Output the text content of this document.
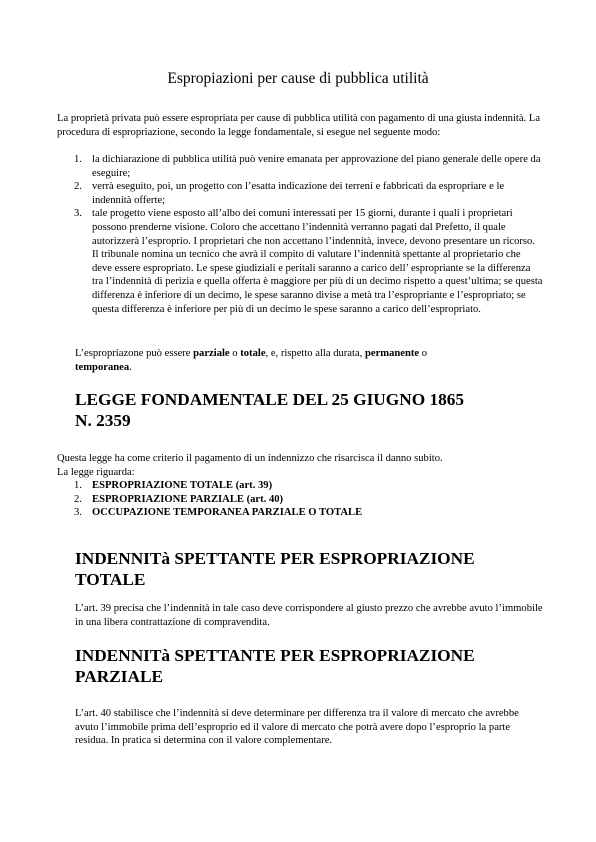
Espropiazioni per cause di pubblica utilità

La proprietà privata può essere espropriata per cause di pubblica utilità con pagamento di una giusta indennità. La procedura di espropriazione, secondo la legge fondamentale, si esegue nel seguente modo:

1. la dichiarazione di pubblica utilità può venire emanata per approvazione del piano generale delle opere da eseguire;
2. verrà eseguito, poi, un progetto con l’esatta indicazione dei terreni e fabbricati da espropriare e le indennità offerte;
3. tale progetto viene esposto all’albo dei comuni interessati per 15 giorni, durante i quali i proprietari possono prenderne visione. Coloro che accettano l’indennità verranno pagati dal Prefetto, il quale autorizzerà l’esproprio. I proprietari che non accettano l’indennità, invece, devono presentare un ricorso. Il tribunale nomina un tecnico che avrà il compito di valutare l’indennità spettante al proprietario che deve essere espropriato. Le spese giudiziali e peritali saranno a carico dell’ espropriante se la differenza tra l’indennità di perizia e quella offerta è maggiore per più di un decimo rispetto a quest’ultima; se questa differenza è inferiore di un decimo, le spese saranno divise a metà tra l’espropriante e l’espropriato; se questa differenza è inferiore per più di un decimo le spese saranno a carico dell’espropriato.

L’espropriazone può essere parziale o totale, e, rispetto alla durata, permanente o
temporanea.

LEGGE FONDAMENTALE DEL 25 GIUGNO 1865
N. 2359

Questa legge ha come criterio il pagamento di un indennizzo che risarcisca il danno subito.
La legge riguarda:

1. ESPROPRIAZIONE TOTALE (art. 39)
2. ESPROPRIAZIONE PARZIALE (art. 40)
3. OCCUPAZIONE TEMPORANEA PARZIALE O TOTALE
INDENNITà SPETTANTE PER ESPROPRIAZIONE
TOTALE

L’art. 39 precisa che l’indennità in tale caso deve corrispondere al giusto prezzo che avrebbe avuto l’immobile in una libera contrattazione di compravendita.

INDENNITà SPETTANTE PER ESPROPRIAZIONE
PARZIALE

L’art. 40 stabilisce che l’indennità si deve determinare per differenza tra il valore di mercato che avrebbe avuto l’immobile prima dell’esproprio ed il valore di mercato che potrà avere dopo l’esproprio la parte residua. In pratica si determina con il valore complementare.
